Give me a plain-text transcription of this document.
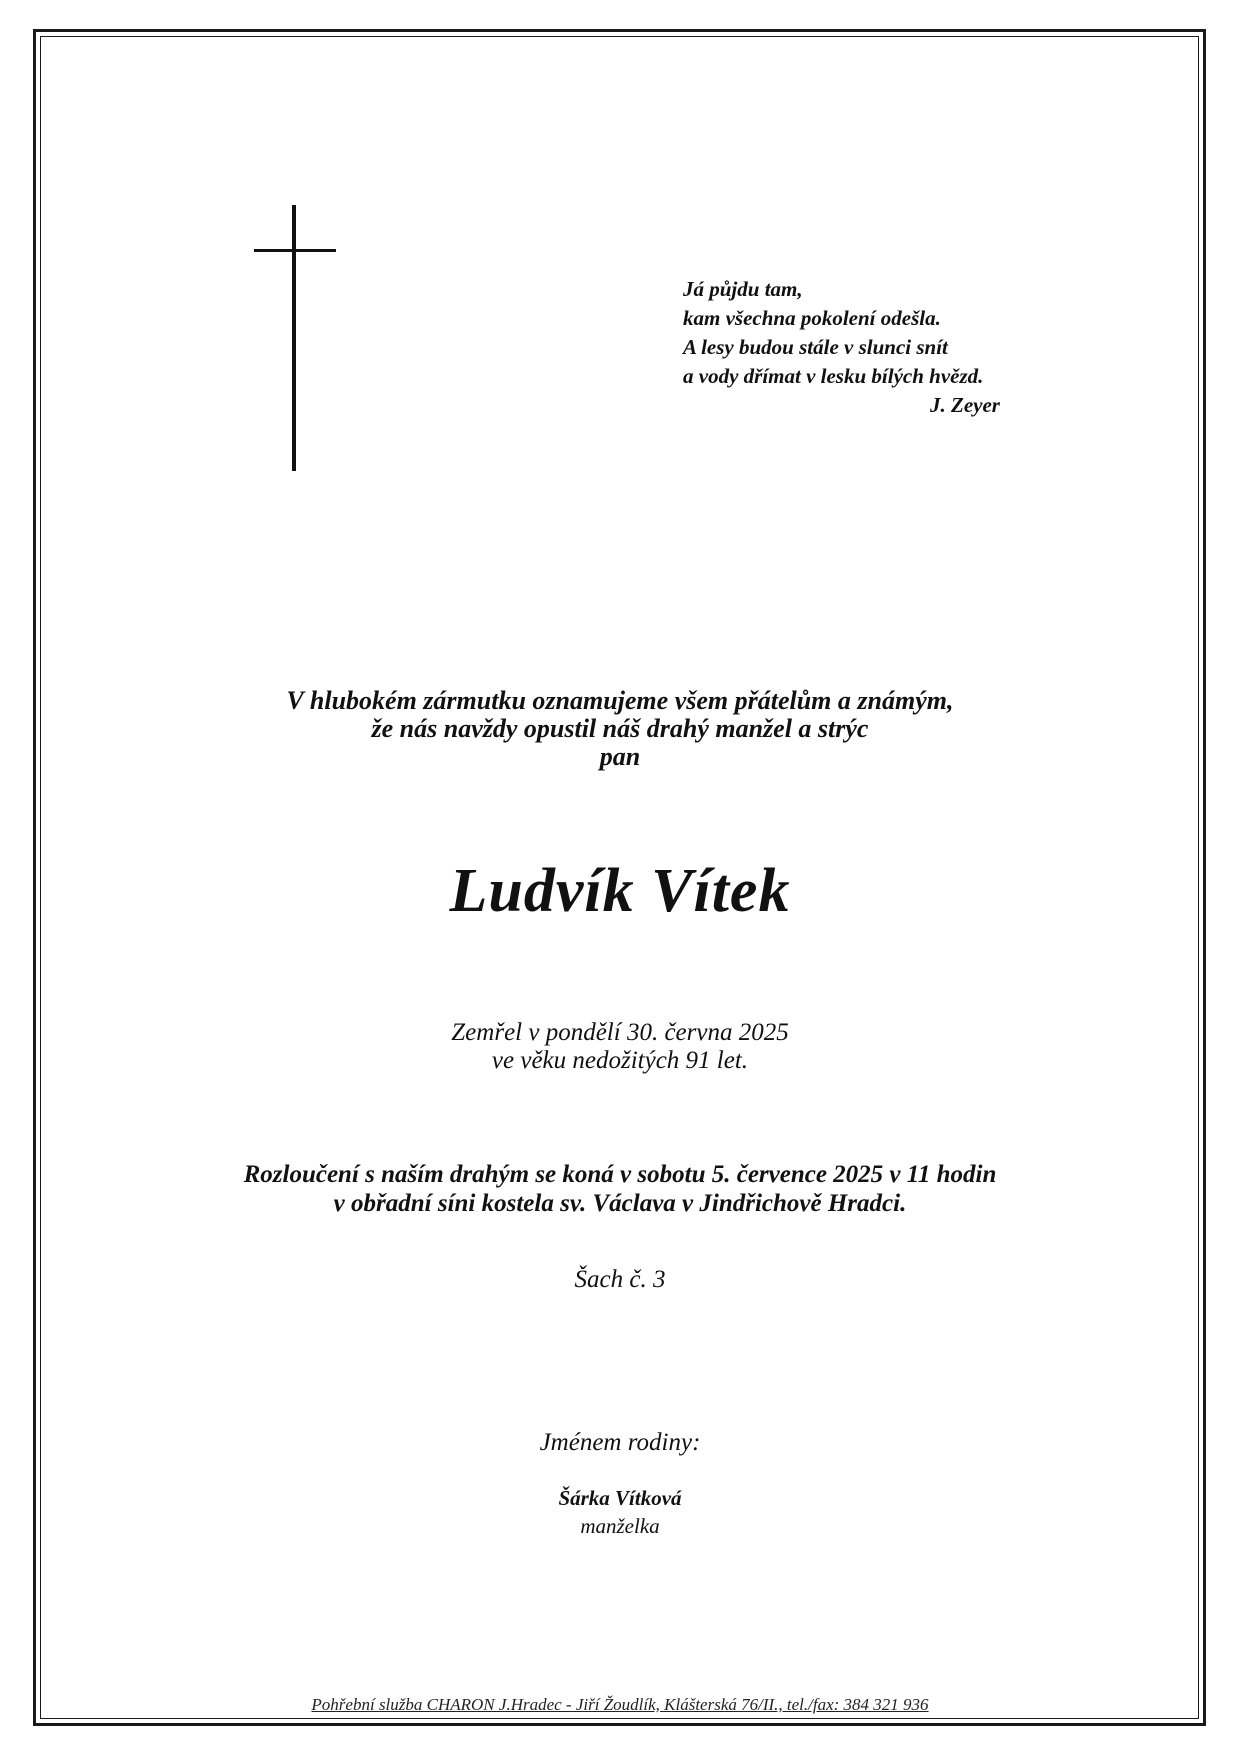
Já půjdu tam,
kam všechna pokolení odešla.
A lesy budou stále v slunci snít
a vody dřímat v lesku bílých hvězd.
J. Zeyer
V hlubokém zármutku oznamujeme všem přátelům a známým,
že nás navždy opustil náš drahý manžel a strýc
pan
Ludvík Vítek
Zemřel v pondělí 30. června 2025
ve věku nedožitých 91 let.
Rozloučení s naším drahým se koná v sobotu 5. července 2025 v 11 hodin
v obřadní síni kostela sv. Václava v Jindřichově Hradci.
Šach č. 3
Jménem rodiny:
Šárka Vítková
manželka
Pohřební služba CHARON J.Hradec - Jiří Žoudlík, Klášterská 76/II., tel./fax: 384 321 936
